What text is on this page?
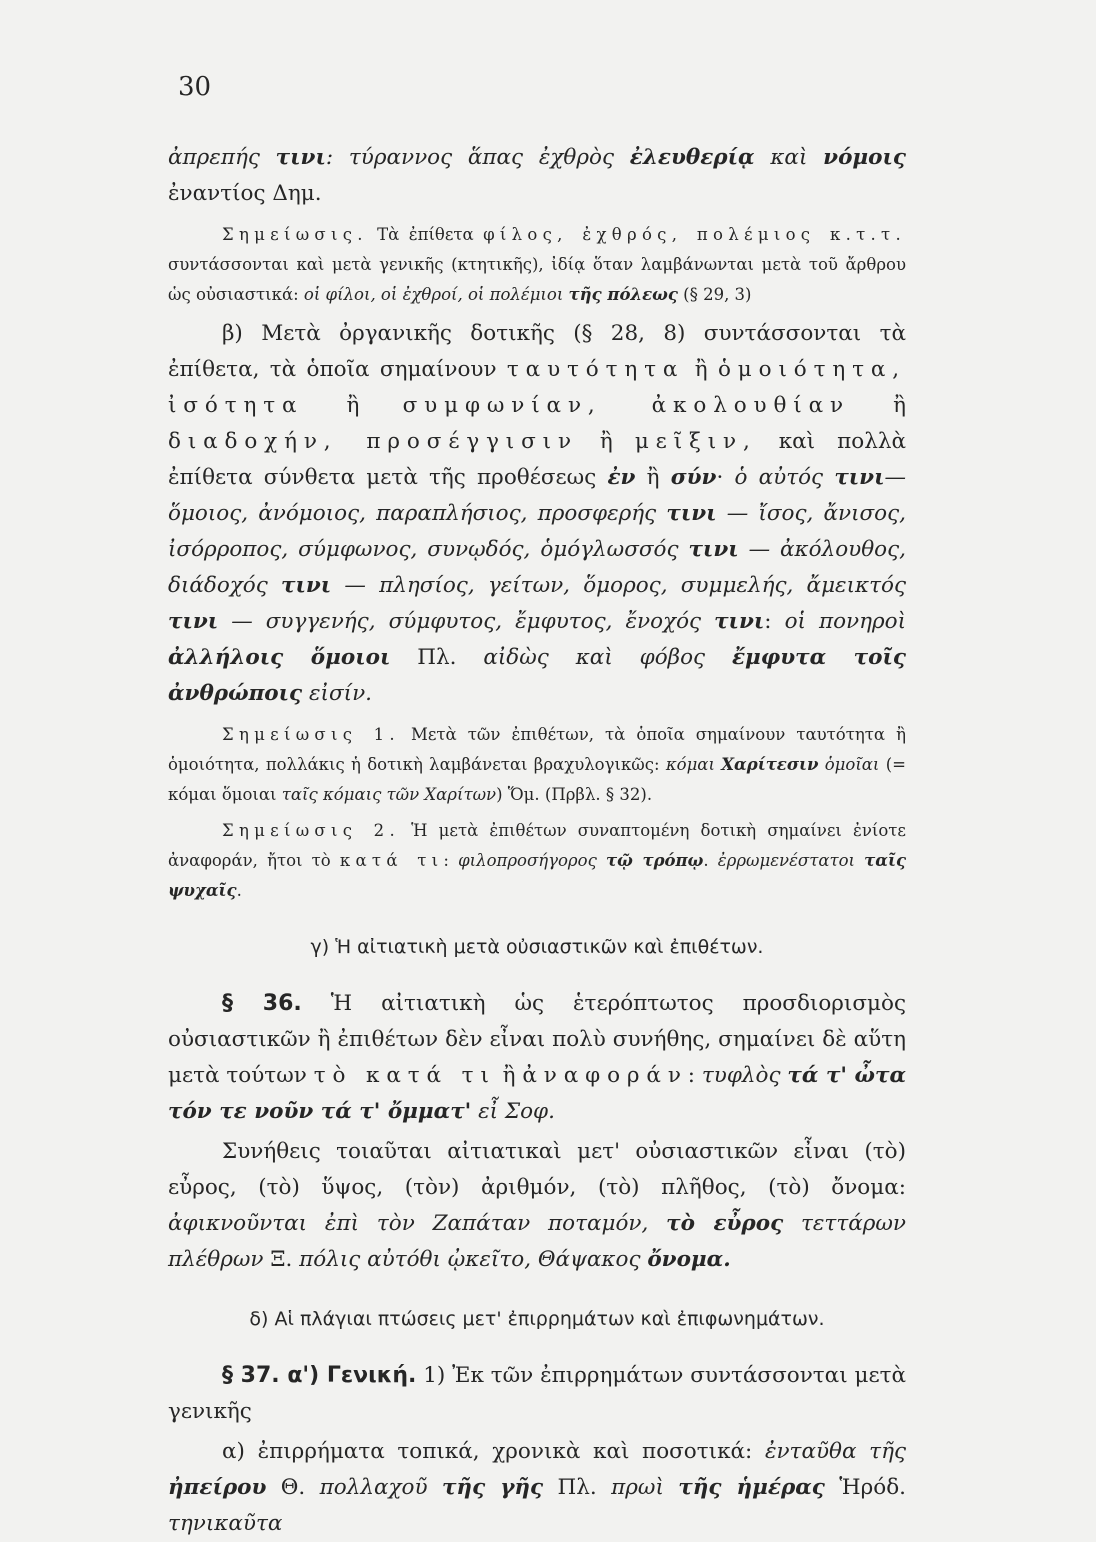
30

ἀπρεπής τινι: τύραννος ἅπας ἐχθρὸς ἐλευθερίᾳ καὶ νόμοις ἐναντίος Δημ.

Σημείωσις. Τὰ ἐπίθετα φίλος, ἐχθρός, πολέμιος κ.τ.τ. συντάσσονται καὶ μετὰ γενικῆς (κτητικῆς), ἰδίᾳ ὅταν λαμβάνωνται μετὰ τοῦ ἄρθρου ὡς οὐσιαστικά: οἱ φίλοι, οἱ ἐχθροί, οἱ πολέμιοι τῆς πόλεως (§ 29, 3)

β) Μετὰ ὀργανικῆς δοτικῆς (§ 28, 8) συντάσσονται τὰ ἐπίθετα, τὰ ὁποῖα σημαίνουν ταυτότητα ἢ ὁμοιότητα, ἰσότητα ἢ συμφωνίαν, ἀκολουθίαν ἢ διαδοχήν, προσέγγισιν ἢ μεῖξιν, καὶ πολλὰ ἐπίθετα σύνθετα μετὰ τῆς προθέσεως ἐν ἢ σύν· ὁ αὐτός τινι—ὅμοιος, ἀνόμοιος, παραπλήσιος, προσφερής τινι — ἴσος, ἄνισος, ἰσόρροπος, σύμφωνος, συνῳδός, ὁμόγλωσσός τινι — ἀκόλουθος, διάδοχός τινι — πλησίος, γείτων, ὅμορος, συμμελής, ἄμεικτός τινι — συγγενής, σύμφυτος, ἔμφυτος, ἔνοχός τινι: οἱ πονηροὶ ἀλλήλοις ὅμοιοι Πλ. αἰδὼς καὶ φόβος ἔμφυτα τοῖς ἀνθρώποις εἰσίν.

Σημείωσις 1. Μετὰ τῶν ἐπιθέτων, τὰ ὁποῖα σημαίνουν ταυτότητα ἢ ὁμοιότητα, πολλάκις ἡ δοτικὴ λαμβάνεται βραχυλογικῶς: κόμαι Χαρίτεσιν ὁμοῖαι (= κόμαι ὅμοιαι ταῖς κόμαις τῶν Χαρίτων) Ὅμ. (Πρβλ. § 32).

Σημείωσις 2. Ἡ μετὰ ἐπιθέτων συναπτομένη δοτικὴ σημαίνει ἐνίοτε ἀναφοράν, ἤτοι τὸ κατά τι: φιλοπροσήγορος τῷ τρόπῳ. ἐρρωμενέστατοι ταῖς ψυχαῖς.

γ) Ἡ αἰτιατικὴ μετὰ οὐσιαστικῶν καὶ ἐπιθέτων.

§ 36. Ἡ αἰτιατικὴ ὡς ἑτερόπτωτος προσδιορισμὸς οὐσιαστικῶν ἢ ἐπιθέτων δὲν εἶναι πολὺ συνήθης, σημαίνει δὲ αὕτη μετὰ τούτων τὸ κατά τι ἢ ἀναφοράν: τυφλὸς τά τ' ὦτα τόν τε νοῦν τά τ' ὄμματ' εἶ Σοφ.

Συνήθεις τοιαῦται αἰτιατικαὶ μετ' οὐσιαστικῶν εἶναι (τὸ) εὖρος, (τὸ) ὕψος, (τὸν) ἀριθμόν, (τὸ) πλῆθος, (τὸ) ὄνομα: ἀφικνοῦνται ἐπὶ τὸν Ζαπάταν ποταμόν, τὸ εὖρος τεττάρων πλέθρων Ξ. πόλις αὐτόθι ᾠκεῖτο, Θάψακος ὄνομα.

δ) Αἱ πλάγιαι πτώσεις μετ' ἐπιρρημάτων καὶ ἐπιφωνημάτων.

§ 37. α') Γενική. 1) Ἐκ τῶν ἐπιρρημάτων συντάσσονται μετὰ γενικῆς

α) ἐπιρρήματα τοπικά, χρονικὰ καὶ ποσοτικά: ἐνταῦθα τῆς ἠπείρου Θ. πολλαχοῦ τῆς γῆς Πλ. πρωὶ τῆς ἡμέρας Ἡρόδ. τηνικαῦτα
